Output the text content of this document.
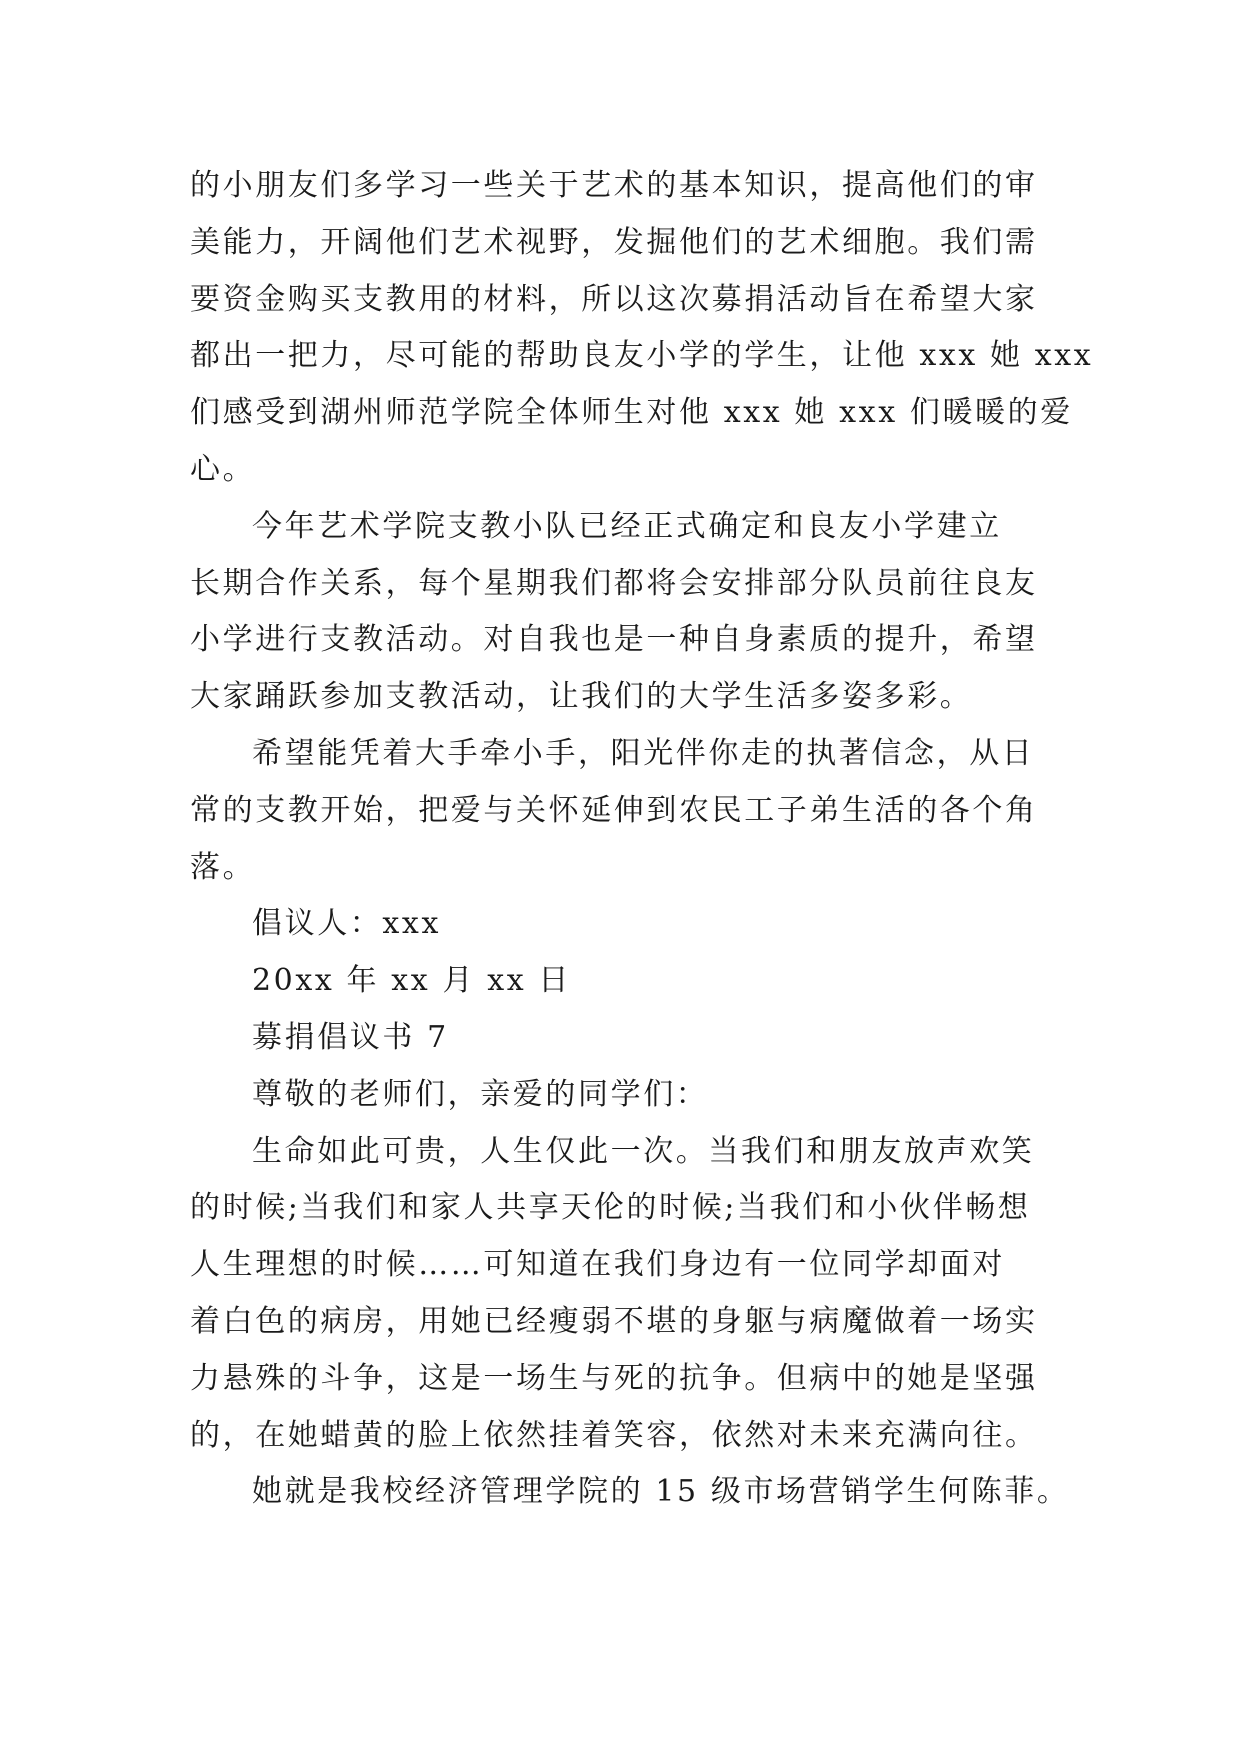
的小朋友们多学习一些关于艺术的基本知识，提高他们的审
美能力，开阔他们艺术视野，发掘他们的艺术细胞。我们需
要资金购买支教用的材料，所以这次募捐活动旨在希望大家
都出一把力，尽可能的帮助良友小学的学生，让他 xxx 她 xxx
们感受到湖州师范学院全体师生对他 xxx 她 xxx 们暖暖的爱
心。
今年艺术学院支教小队已经正式确定和良友小学建立
长期合作关系，每个星期我们都将会安排部分队员前往良友
小学进行支教活动。对自我也是一种自身素质的提升，希望
大家踊跃参加支教活动，让我们的大学生活多姿多彩。
希望能凭着大手牵小手，阳光伴你走的执著信念，从日
常的支教开始，把爱与关怀延伸到农民工子弟生活的各个角
落。
倡议人：xxx
20xx 年 xx 月 xx 日
募捐倡议书 7
尊敬的老师们，亲爱的同学们：
生命如此可贵，人生仅此一次。当我们和朋友放声欢笑
的时候;当我们和家人共享天伦的时候;当我们和小伙伴畅想
人生理想的时候……可知道在我们身边有一位同学却面对
着白色的病房，用她已经瘦弱不堪的身躯与病魔做着一场实
力悬殊的斗争，这是一场生与死的抗争。但病中的她是坚强
的，在她蜡黄的脸上依然挂着笑容，依然对未来充满向往。
她就是我校经济管理学院的 15 级市场营销学生何陈菲。
